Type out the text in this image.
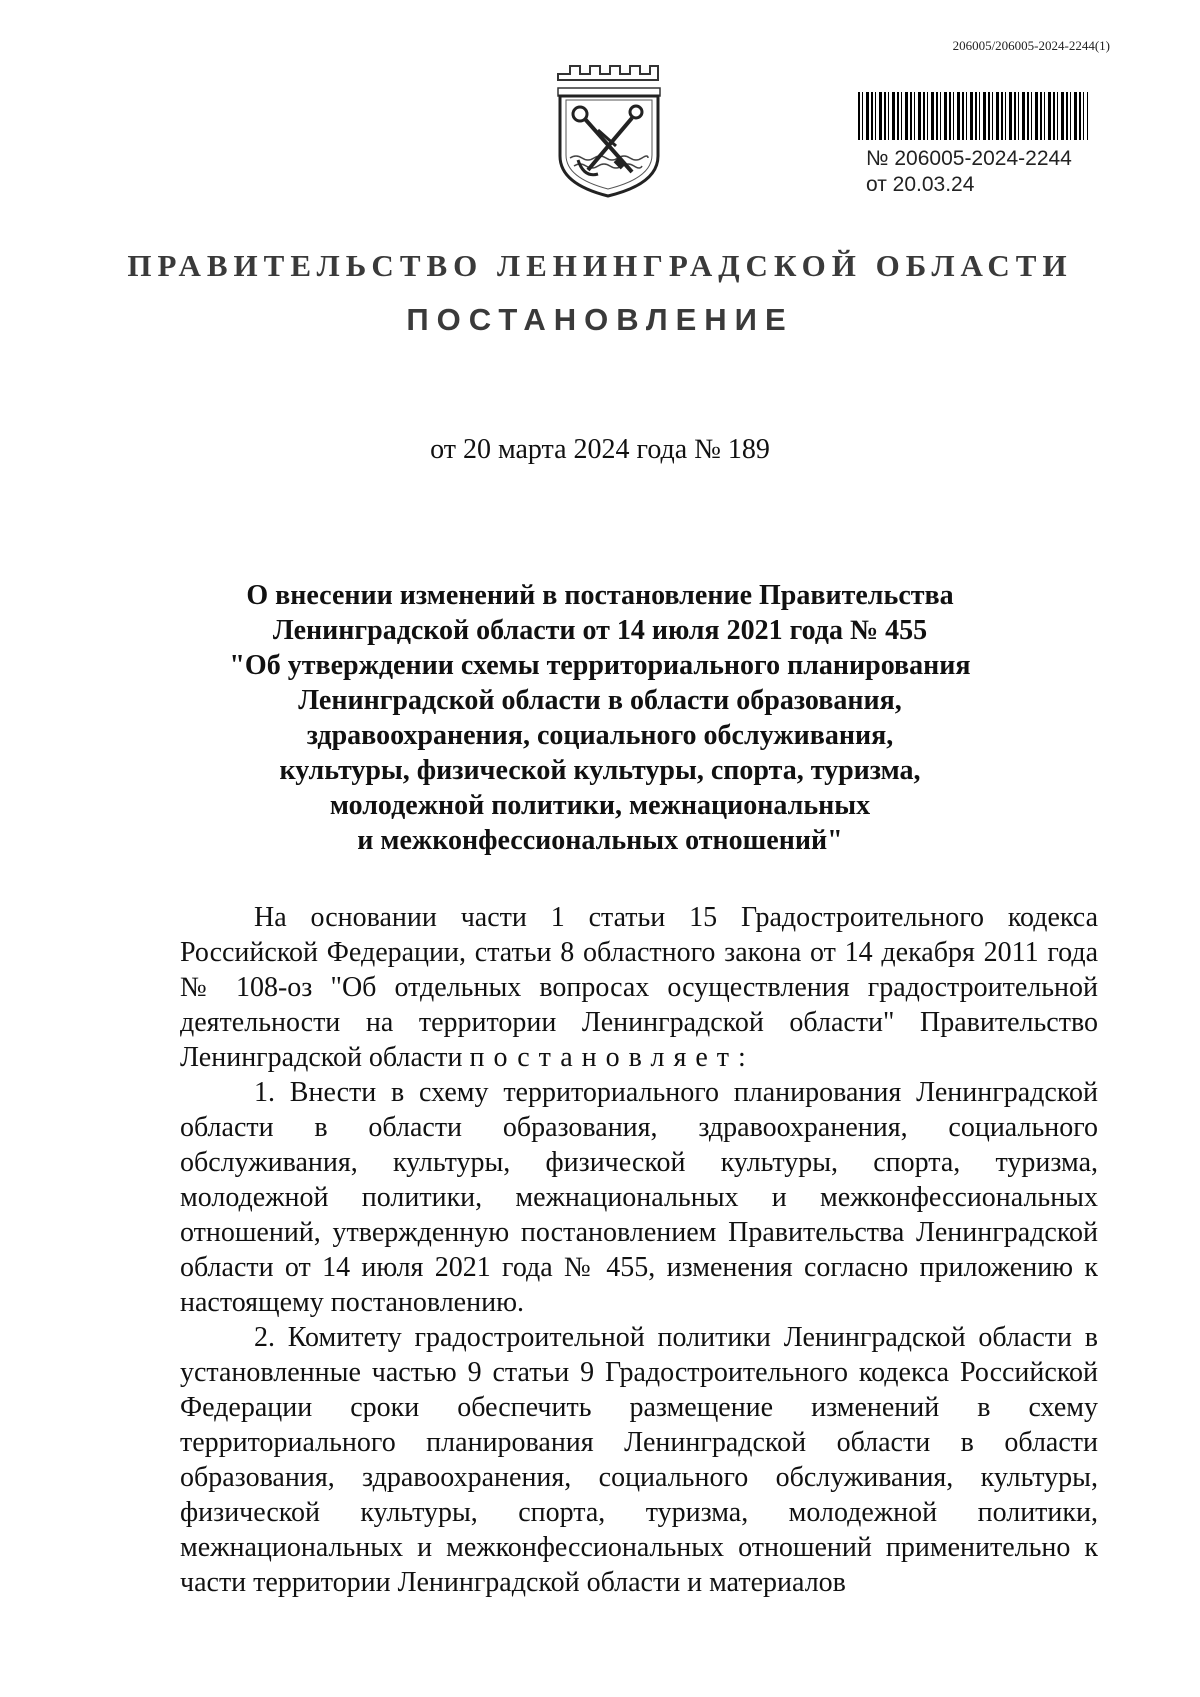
206005/206005-2024-2244(1)
№ 206005-2024-2244
от 20.03.24
ПРАВИТЕЛЬСТВО ЛЕНИНГРАДСКОЙ ОБЛАСТИ
ПОСТАНОВЛЕНИЕ
от 20 марта 2024 года № 189
О внесении изменений в постановление Правительства
Ленинградской области от 14 июля 2021 года № 455
"Об утверждении схемы территориального планирования
Ленинградской области в области образования,
здравоохранения, социального обслуживания,
культуры, физической культуры, спорта, туризма,
молодежной политики, межнациональных
и межконфессиональных отношений"
На основании части 1 статьи 15 Градостроительного кодекса Российской Федерации, статьи 8 областного закона от 14 декабря 2011 года № 108-оз "Об отдельных вопросах осуществления градостроительной деятельности на территории Ленинградской области" Правительство Ленинградской области постановляет:
1. Внести в схему территориального планирования Ленинградской области в области образования, здравоохранения, социального обслуживания, культуры, физической культуры, спорта, туризма, молодежной политики, межнациональных и межконфессиональных отношений, утвержденную постановлением Правительства Ленинградской области от 14 июля 2021 года № 455, изменения согласно приложению к настоящему постановлению.
2. Комитету градостроительной политики Ленинградской области в установленные частью 9 статьи 9 Градостроительного кодекса Российской Федерации сроки обеспечить размещение изменений в схему территориального планирования Ленинградской области в области образования, здравоохранения, социального обслуживания, культуры, физической культуры, спорта, туризма, молодежной политики, межнациональных и межконфессиональных отношений применительно к части территории Ленинградской области и материалов
